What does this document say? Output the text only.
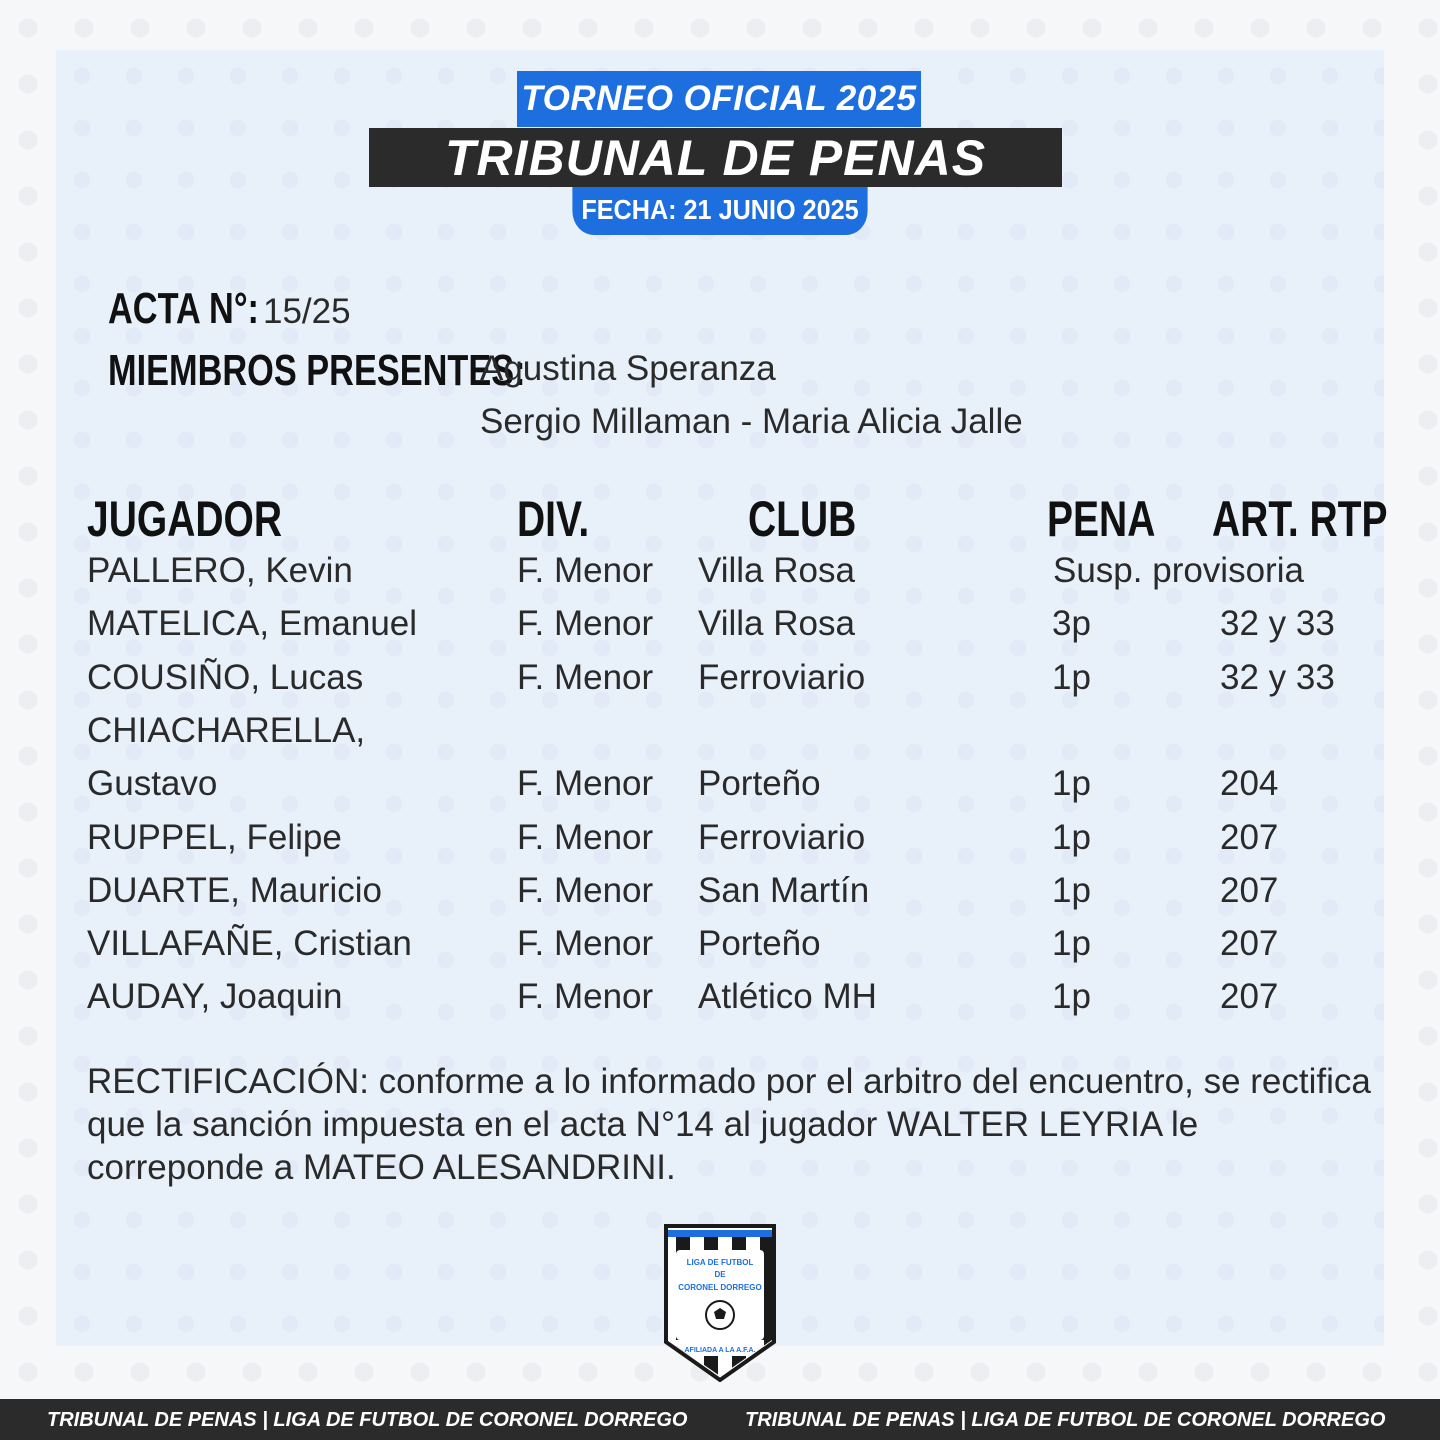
TORNEO OFICIAL 2025
TRIBUNAL DE PENAS
FECHA: 21 JUNIO 2025
ACTA N°: 15/25
MIEMBROS PRESENTES:
Agustina Speranza
Sergio Millaman - Maria Alicia Jalle
JUGADOR	DIV.	CLUB	PENA ART. RTP
PALLERO, Kevin	F. Menor Villa Rosa	Susp. provisoria
MATELICA, Emanuel	F. Menor Villa Rosa	3p	32 y 33
COUSIÑO, Lucas	F. Menor Ferroviario	1p	32 y 33
CHIACHARELLA,
Gustavo	F. Menor Porteño	1p	204
RUPPEL, Felipe	F. Menor Ferroviario	1p	207
DUARTE, Mauricio	F. Menor San Martín	1p	207
VILLAFAÑE, Cristian	F. Menor Porteño	1p	207
AUDAY, Joaquin	F. Menor Atlético MH	1p	207
RECTIFICACIÓN: conforme a lo informado por el arbitro del encuentro, se rectifica que la sanción impuesta en el acta N°14 al jugador WALTER LEYRIA le correponde a MATEO ALESANDRINI.
LIGA DE FUTBOL
DE
CORONEL DORREGO
AFILIADA A LA A.F.A.
TRIBUNAL DE PENAS | LIGA DE FUTBOL DE CORONEL DORREGO	TRIBUNAL DE PENAS | LIGA DE FUTBOL DE CORONEL DORREGO
